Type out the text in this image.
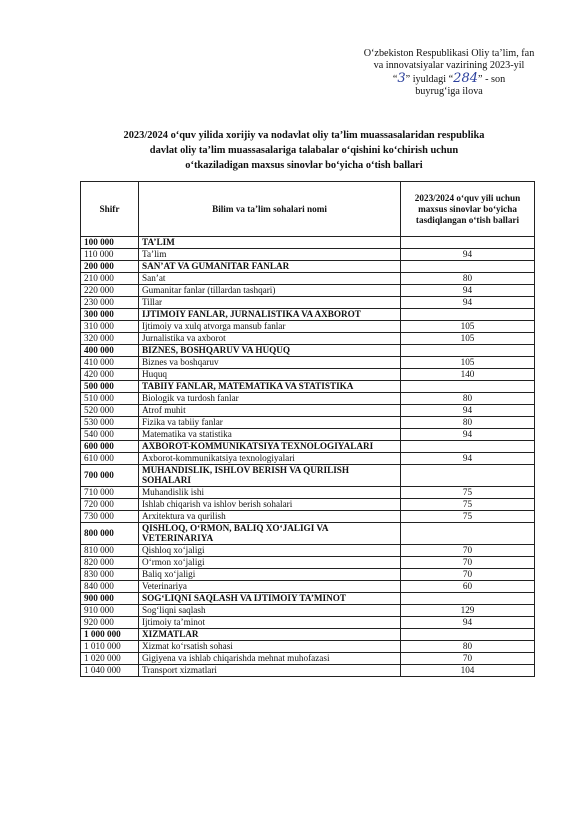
O‘zbekiston Respublikasi Oliy ta’lim, fan
va innovatsiyalar vazirining 2023-yil
“3” iyuldagi “284” - son
buyrug‘iga ilova
2023/2024 o‘quv yilida xorijiy va nodavlat oliy ta’lim muassasalaridan respublika
davlat oliy ta’lim muassasalariga talabalar o‘qishini ko‘chirish uchun
o‘tkaziladigan maxsus sinovlar bo‘yicha o‘tish ballari
Shifr	Bilim va ta’lim sohalari nomi	2023/2024 o‘quv yili uchun maxsus sinovlar bo‘yicha tasdiqlangan o‘tish ballari
100 000	TA’LIM	
110 000	Ta’lim	94
200 000	SAN’AT VA GUMANITAR FANLAR	
210 000	San’at	80
220 000	Gumanitar fanlar (tillardan tashqari)	94
230 000	Tillar	94
300 000	IJTIMOIY FANLAR, JURNALISTIKA VA AXBOROT	
310 000	Ijtimoiy va xulq atvorga mansub fanlar	105
320 000	Jurnalistika va axborot	105
400 000	BIZNES, BOSHQARUV VA HUQUQ	
410 000	Biznes va boshqaruv	105
420 000	Huquq	140
500 000	TABIIY FANLAR, MATEMATIKA VA STATISTIKA	
510 000	Biologik va turdosh fanlar	80
520 000	Atrof muhit	94
530 000	Fizika va tabiiy fanlar	80
540 000	Matematika va statistika	94
600 000	AXBOROT-KOMMUNIKATSIYA TEXNOLOGIYALARI	
610 000	Axborot-kommunikatsiya texnologiyalari	94
700 000	MUHANDISLIK, ISHLOV BERISH VA QURILISH SOHALARI	
710 000	Muhandislik ishi	75
720 000	Ishlab chiqarish va ishlov berish sohalari	75
730 000	Arxitektura va qurilish	75
800 000	QISHLOQ, O‘RMON, BALIQ XO‘JALIGI VA VETERINARIYA	
810 000	Qishloq xo‘jaligi	70
820 000	O‘rmon xo‘jaligi	70
830 000	Baliq xo‘jaligi	70
840 000	Veterinariya	60
900 000	SOG‘LIQNI SAQLASH VA IJTIMOIY TA’MINOT	
910 000	Sog‘liqni saqlash	129
920 000	Ijtimoiy ta’minot	94
1 000 000	XIZMATLAR	
1 010 000	Xizmat ko‘rsatish sohasi	80
1 020 000	Gigiyena va ishlab chiqarishda mehnat muhofazasi	70
1 040 000	Transport xizmatlari	104
